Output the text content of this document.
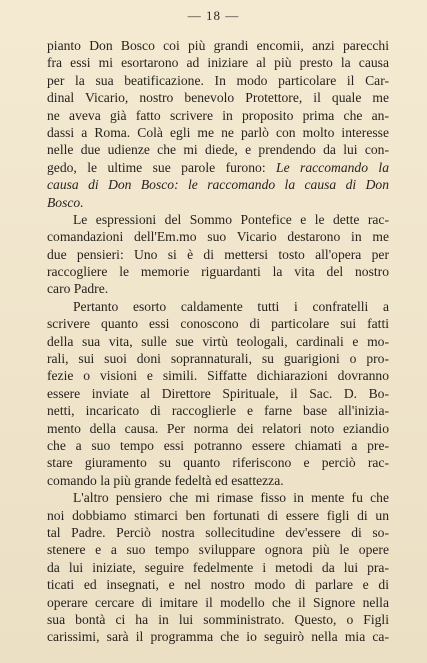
— 18 —
pianto Don Bosco coi più grandi encomii, anzi parecchi
fra essi mi esortarono ad iniziare al più presto la causa
per la sua beatificazione. In modo particolare il Car-
dinal Vicario, nostro benevolo Protettore, il quale me
ne aveva già fatto scrivere in proposito prima che an-
dassi a Roma. Colà egli me ne parlò con molto interesse
nelle due udienze che mi diede, e prendendo da lui con-
gedo, le ultime sue parole furono: Le raccomando la
causa di Don Bosco: le raccomando la causa di Don
Bosco.
Le espressioni del Sommo Pontefice e le dette rac-
comandazioni dell'Em.mo suo Vicario destarono in me
due pensieri: Uno si è di mettersi tosto all'opera per
raccogliere le memorie riguardanti la vita del nostro
caro Padre.
Pertanto esorto caldamente tutti i confratelli a
scrivere quanto essi conoscono di particolare sui fatti
della sua vita, sulle sue virtù teologali, cardinali e mo-
rali, sui suoi doni soprannaturali, su guarigioni o pro-
fezie o visioni e simili. Siffatte dichiarazioni dovranno
essere inviate al Direttore Spirituale, il Sac. D. Bo-
netti, incaricato di raccoglierle e farne base all'inizia-
mento della causa. Per norma dei relatori noto eziandio
che a suo tempo essi potranno essere chiamati a pre-
stare giuramento su quanto riferiscono e perciò rac-
comando la più grande fedeltà ed esattezza.
L'altro pensiero che mi rimase fisso in mente fu che
noi dobbiamo stimarci ben fortunati di essere figli di un
tal Padre. Perciò nostra sollecitudine dev'essere di so-
stenere e a suo tempo sviluppare ognora più le opere
da lui iniziate, seguire fedelmente i metodi da lui pra-
ticati ed insegnati, e nel nostro modo di parlare e di
operare cercare di imitare il modello che il Signore nella
sua bontà ci ha in lui somministrato. Questo, o Figli
carissimi, sarà il programma che io seguirò nella mia ca-
